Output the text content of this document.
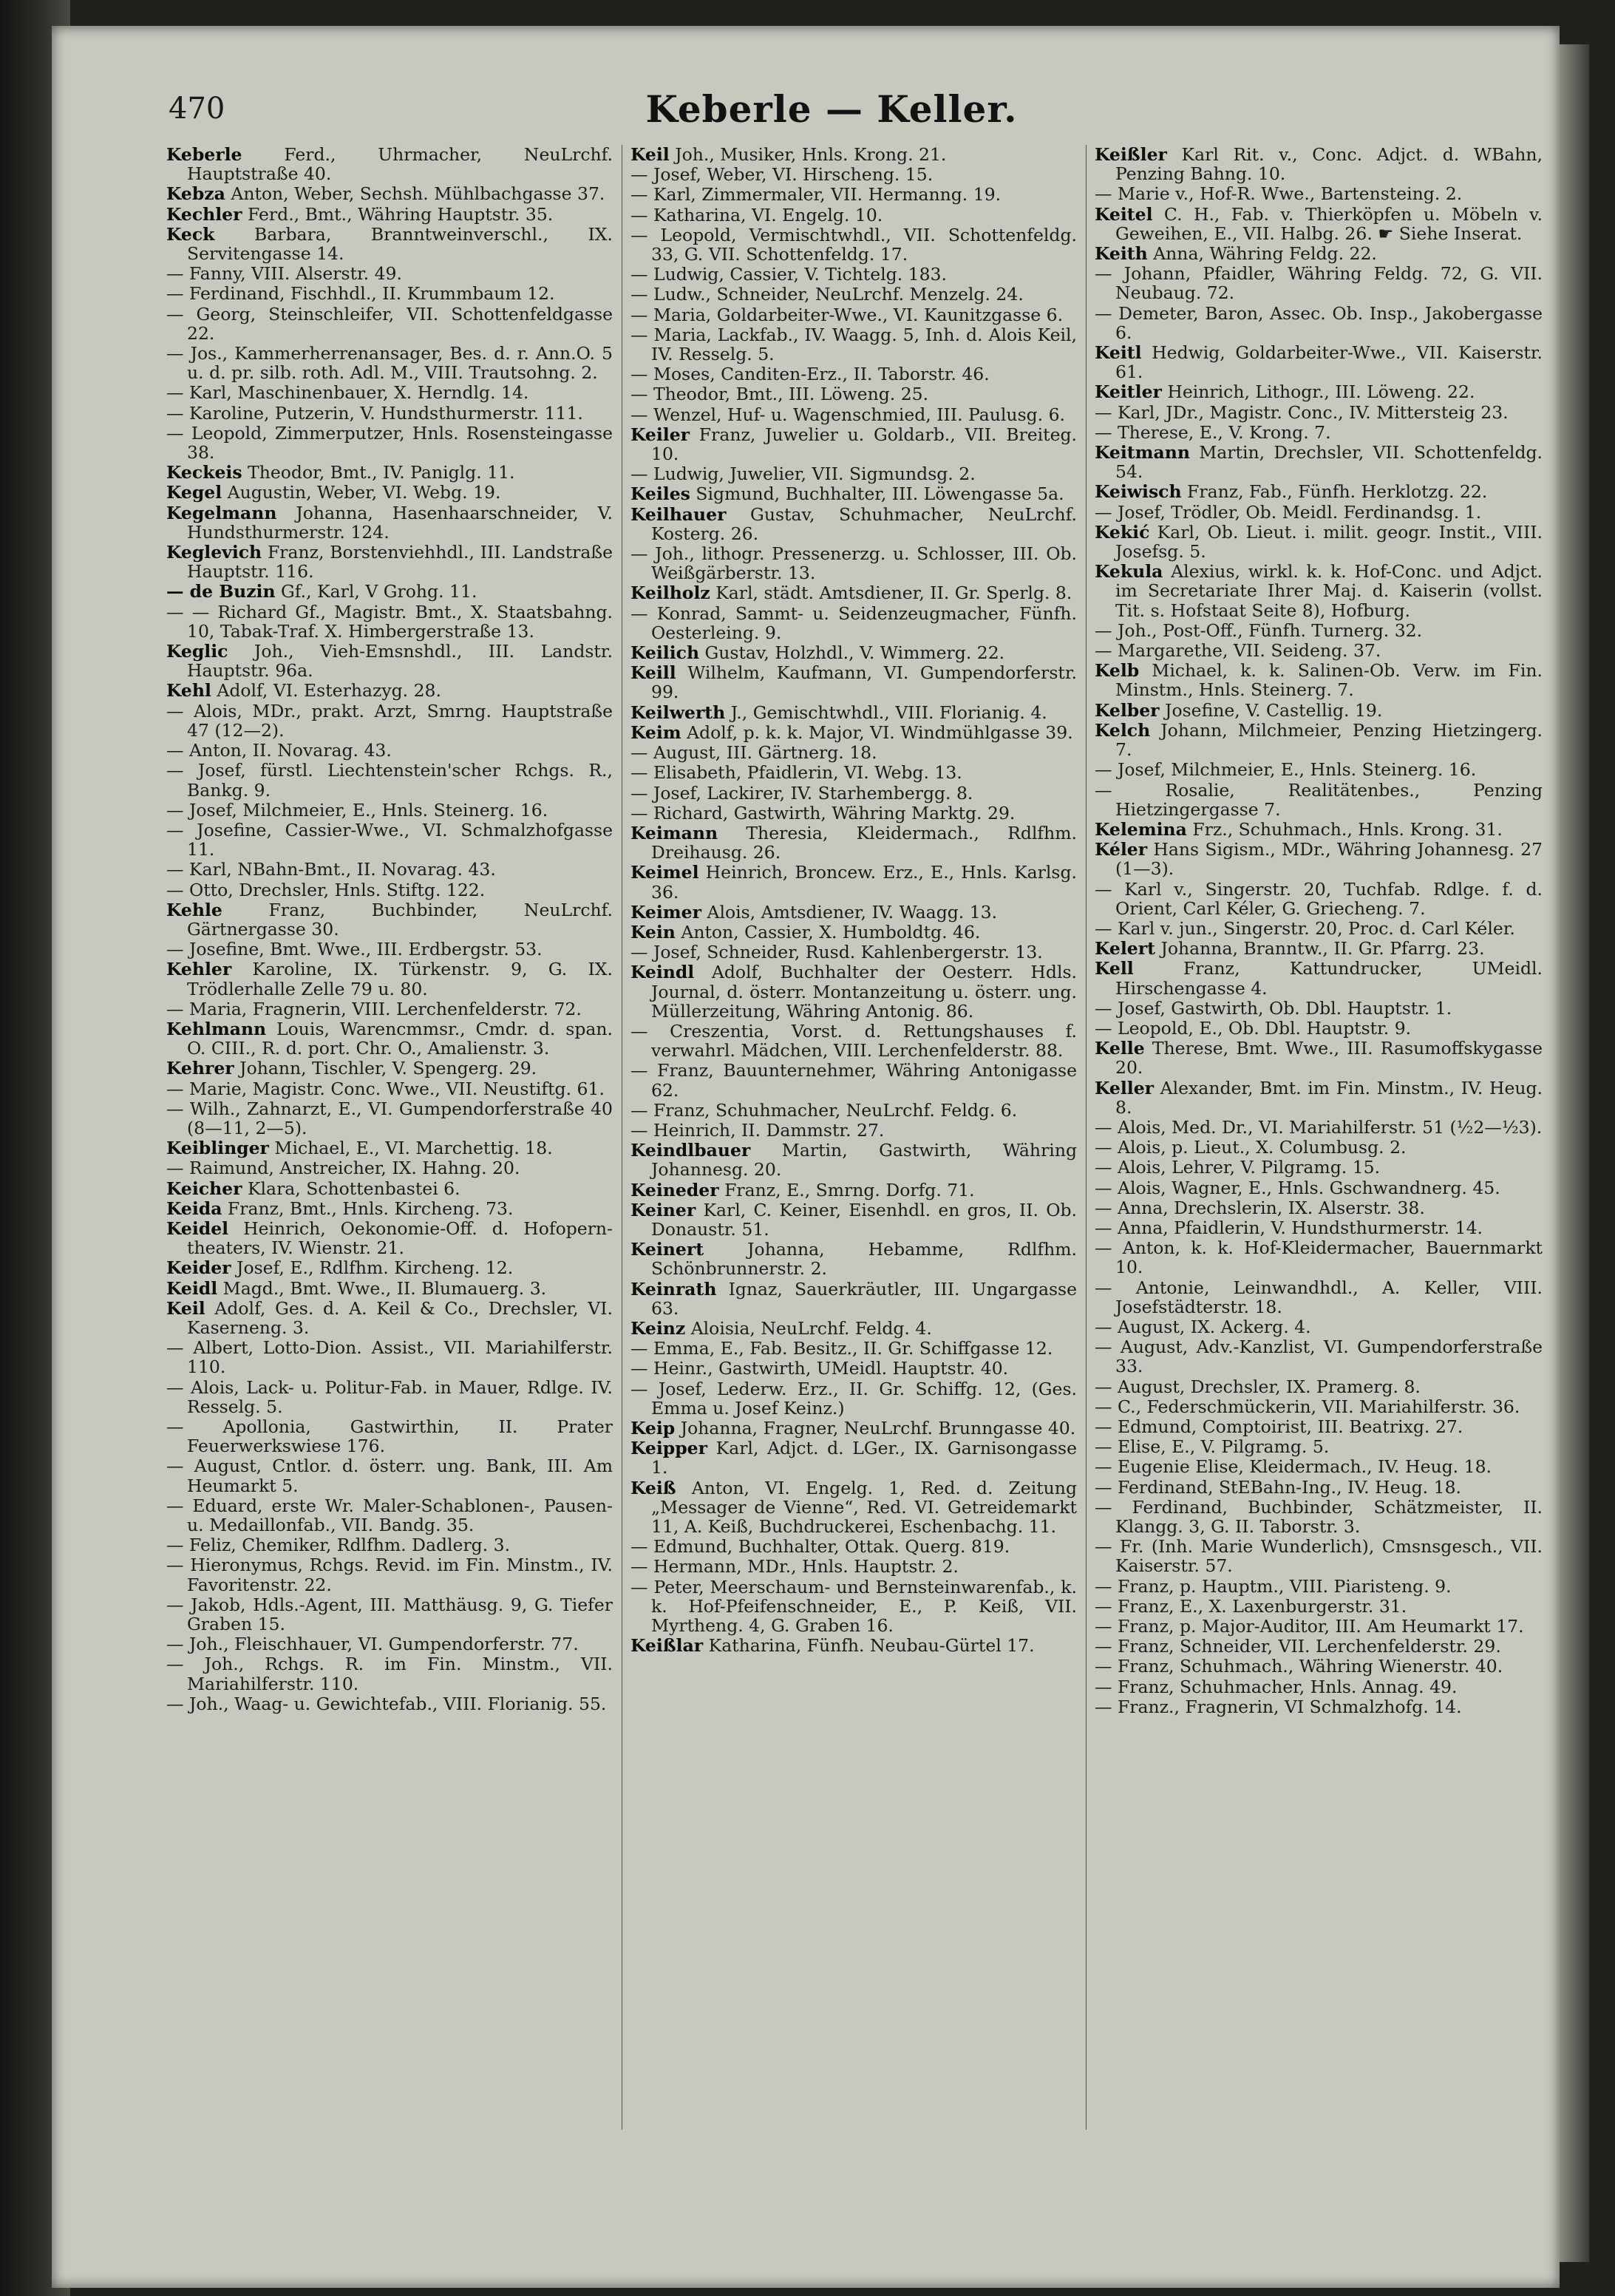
470	Keberle — Keller.
Keberle Ferd., Uhrmacher, NeuLrchf. Hauptstraße 40.
Kebza Anton, Weber, Sechsh. Mühlbachgasse 37.
Kechler Ferd., Bmt., Währing Hauptstr. 35.
Keck Barbara, Branntweinverschl., IX. Servitengasse 14.
— Fanny, VIII. Alserstr. 49.
— Ferdinand, Fischhdl., II. Krummbaum 12.
— Georg, Steinschleifer, VII. Schottenfeldgasse 22.
— Jos., Kammerherrenansager, Bes. d. r. Ann.O. 5 u. d. pr. silb. roth. Adl. M., VIII. Trautsohng. 2.
— Karl, Maschinenbauer, X. Herndlg. 14.
— Karoline, Putzerin, V. Hundsthurmerstr. 111.
— Leopold, Zimmerputzer, Hnls. Rosensteingasse 38.
Keckeis Theodor, Bmt., IV. Paniglg. 11.
Kegel Augustin, Weber, VI. Webg. 19.
Kegelmann Johanna, Hasenhaarschneider, V. Hundsthurmerstr. 124.
Keglevich Franz, Borstenviehhdl., III. Landstraße Hauptstr. 116.
— de Buzin Gf., Karl, V Grohg. 11.
— — Richard Gf., Magistr. Bmt., X. Staatsbahng. 10, Tabak-Traf. X. Himbergerstraße 13.
Keglic Joh., Vieh-Emsnshdl., III. Landstr. Hauptstr. 96a.
Kehl Adolf, VI. Esterhazyg. 28.
— Alois, MDr., prakt. Arzt, Smrng. Hauptstraße 47 (12—2).
— Anton, II. Novarag. 43.
— Josef, fürstl. Liechtenstein'scher Rchgs. R., Bankg. 9.
— Josef, Milchmeier, E., Hnls. Steinerg. 16.
— Josefine, Cassier-Wwe., VI. Schmalzhofgasse 11.
— Karl, NBahn-Bmt., II. Novarag. 43.
— Otto, Drechsler, Hnls. Stiftg. 122.
Kehle Franz, Buchbinder, NeuLrchf. Gärtnergasse 30.
— Josefine, Bmt. Wwe., III. Erdbergstr. 53.
Kehler Karoline, IX. Türkenstr. 9, G. IX. Trödlerhalle Zelle 79 u. 80.
— Maria, Fragnerin, VIII. Lerchenfelderstr. 72.
Kehlmann Louis, Warencmmsr., Cmdr. d. span. O. CIII., R. d. port. Chr. O., Amalienstr. 3.
Kehrer Johann, Tischler, V. Spengerg. 29.
— Marie, Magistr. Conc. Wwe., VII. Neustiftg. 61.
— Wilh., Zahnarzt, E., VI. Gumpendorferstraße 40 (8—11, 2—5).
Keiblinger Michael, E., VI. Marchettig. 18.
— Raimund, Anstreicher, IX. Hahng. 20.
Keicher Klara, Schottenbastei 6.
Keida Franz, Bmt., Hnls. Kircheng. 73.
Keidel Heinrich, Oekonomie-Off. d. Hofopern-theaters, IV. Wienstr. 21.
Keider Josef, E., Rdlfhm. Kircheng. 12.
Keidl Magd., Bmt. Wwe., II. Blumauerg. 3.
Keil Adolf, Ges. d. A. Keil & Co., Drechsler, VI. Kaserneng. 3.
— Albert, Lotto-Dion. Assist., VII. Mariahilferstr. 110.
— Alois, Lack- u. Politur-Fab. in Mauer, Rdlge. IV. Resselg. 5.
— Apollonia, Gastwirthin, II. Prater Feuerwerkswiese 176.
— August, Cntlor. d. österr. ung. Bank, III. Am Heumarkt 5.
— Eduard, erste Wr. Maler-Schablonen-, Pausen- u. Medaillonfab., VII. Bandg. 35.
— Feliz, Chemiker, Rdlfhm. Dadlerg. 3.
— Hieronymus, Rchgs. Revid. im Fin. Minstm., IV. Favoritenstr. 22.
— Jakob, Hdls.-Agent, III. Matthäusg. 9, G. Tiefer Graben 15.
— Joh., Fleischhauer, VI. Gumpendorferstr. 77.
— Joh., Rchgs. R. im Fin. Minstm., VII. Mariahilferstr. 110.
— Joh., Waag- u. Gewichtefab., VIII. Florianig. 55.
Keil Joh., Musiker, Hnls. Krong. 21.
— Josef, Weber, VI. Hirscheng. 15.
— Karl, Zimmermaler, VII. Hermanng. 19.
— Katharina, VI. Engelg. 10.
— Leopold, Vermischtwhdl., VII. Schottenfeldg. 33, G. VII. Schottenfeldg. 17.
— Ludwig, Cassier, V. Tichtelg. 183.
— Ludw., Schneider, NeuLrchf. Menzelg. 24.
— Maria, Goldarbeiter-Wwe., VI. Kaunitzgasse 6.
— Maria, Lackfab., IV. Waagg. 5, Inh. d. Alois Keil, IV. Resselg. 5.
— Moses, Canditen-Erz., II. Taborstr. 46.
— Theodor, Bmt., III. Löweng. 25.
— Wenzel, Huf- u. Wagenschmied, III. Paulusg. 6.
Keiler Franz, Juwelier u. Goldarb., VII. Breiteg. 10.
— Ludwig, Juwelier, VII. Sigmundsg. 2.
Keiles Sigmund, Buchhalter, III. Löwengasse 5a.
Keilhauer Gustav, Schuhmacher, NeuLrchf. Kosterg. 26.
— Joh., lithogr. Pressenerzg. u. Schlosser, III. Ob. Weißgärberstr. 13.
Keilholz Karl, städt. Amtsdiener, II. Gr. Sperlg. 8.
— Konrad, Sammt- u. Seidenzeugmacher, Fünfh. Oesterleing. 9.
Keilich Gustav, Holzhdl., V. Wimmerg. 22.
Keill Wilhelm, Kaufmann, VI. Gumpendorferstr. 99.
Keilwerth J., Gemischtwhdl., VIII. Florianig. 4.
Keim Adolf, p. k. k. Major, VI. Windmühlgasse 39.
— August, III. Gärtnerg. 18.
— Elisabeth, Pfaidlerin, VI. Webg. 13.
— Josef, Lackirer, IV. Starhembergg. 8.
— Richard, Gastwirth, Währing Marktg. 29.
Keimann Theresia, Kleidermach., Rdlfhm. Dreihausg. 26.
Keimel Heinrich, Broncew. Erz., E., Hnls. Karlsg. 36.
Keimer Alois, Amtsdiener, IV. Waagg. 13.
Kein Anton, Cassier, X. Humboldtg. 46.
— Josef, Schneider, Rusd. Kahlenbergerstr. 13.
Keindl Adolf, Buchhalter der Oesterr. Hdls. Journal, d. österr. Montanzeitung u. österr. ung. Müllerzeitung, Währing Antonig. 86.
— Creszentia, Vorst. d. Rettungshauses f. verwahrl. Mädchen, VIII. Lerchenfelderstr. 88.
— Franz, Bauunternehmer, Währing Antonigasse 62.
— Franz, Schuhmacher, NeuLrchf. Feldg. 6.
— Heinrich, II. Dammstr. 27.
Keindlbauer Martin, Gastwirth, Währing Johannesg. 20.
Keineder Franz, E., Smrng. Dorfg. 71.
Keiner Karl, C. Keiner, Eisenhdl. en gros, II. Ob. Donaustr. 51.
Keinert Johanna, Hebamme, Rdlfhm. Schönbrunnerstr. 2.
Keinrath Ignaz, Sauerkräutler, III. Ungargasse 63.
Keinz Aloisia, NeuLrchf. Feldg. 4.
— Emma, E., Fab. Besitz., II. Gr. Schiffgasse 12.
— Heinr., Gastwirth, UMeidl. Hauptstr. 40.
— Josef, Lederw. Erz., II. Gr. Schiffg. 12, (Ges. Emma u. Josef Keinz.)
Keip Johanna, Fragner, NeuLrchf. Brunngasse 40.
Keipper Karl, Adjct. d. LGer., IX. Garnisongasse 1.
Keiß Anton, VI. Engelg. 1, Red. d. Zeitung „Messager de Vienne“, Red. VI. Getreidemarkt 11, A. Keiß, Buchdruckerei, Eschenbachg. 11.
— Edmund, Buchhalter, Ottak. Querg. 819.
— Hermann, MDr., Hnls. Hauptstr. 2.
— Peter, Meerschaum- und Bernsteinwarenfab., k. k. Hof-Pfeifenschneider, E., P. Keiß, VII. Myrtheng. 4, G. Graben 16.
Keißlar Katharina, Fünfh. Neubau-Gürtel 17.
Keißler Karl Rit. v., Conc. Adjct. d. WBahn, Penzing Bahng. 10.
— Marie v., Hof-R. Wwe., Bartensteing. 2.
Keitel C. H., Fab. v. Thierköpfen u. Möbeln v. Geweihen, E., VII. Halbg. 26. ☛ Siehe Inserat.
Keith Anna, Währing Feldg. 22.
— Johann, Pfaidler, Währing Feldg. 72, G. VII. Neubaug. 72.
— Demeter, Baron, Assec. Ob. Insp., Jakobergasse 6.
Keitl Hedwig, Goldarbeiter-Wwe., VII. Kaiserstr. 61.
Keitler Heinrich, Lithogr., III. Löweng. 22.
— Karl, JDr., Magistr. Conc., IV. Mittersteig 23.
— Therese, E., V. Krong. 7.
Keitmann Martin, Drechsler, VII. Schottenfeldg. 54.
Keiwisch Franz, Fab., Fünfh. Herklotzg. 22.
— Josef, Trödler, Ob. Meidl. Ferdinandsg. 1.
Kekić Karl, Ob. Lieut. i. milit. geogr. Instit., VIII. Josefsg. 5.
Kekula Alexius, wirkl. k. k. Hof-Conc. und Adjct. im Secretariate Ihrer Maj. d. Kaiserin (vollst. Tit. s. Hofstaat Seite 8), Hofburg.
— Joh., Post-Off., Fünfh. Turnerg. 32.
— Margarethe, VII. Seideng. 37.
Kelb Michael, k. k. Salinen-Ob. Verw. im Fin. Minstm., Hnls. Steinerg. 7.
Kelber Josefine, V. Castellig. 19.
Kelch Johann, Milchmeier, Penzing Hietzingerg. 7.
— Josef, Milchmeier, E., Hnls. Steinerg. 16.
— Rosalie, Realitätenbes., Penzing Hietzingergasse 7.
Kelemina Frz., Schuhmach., Hnls. Krong. 31.
Kéler Hans Sigism., MDr., Währing Johannesg. 27 (1—3).
— Karl v., Singerstr. 20, Tuchfab. Rdlge. f. d. Orient, Carl Kéler, G. Griecheng. 7.
— Karl v. jun., Singerstr. 20, Proc. d. Carl Kéler.
Kelert Johanna, Branntw., II. Gr. Pfarrg. 23.
Kell Franz, Kattundrucker, UMeidl. Hirschengasse 4.
— Josef, Gastwirth, Ob. Dbl. Hauptstr. 1.
— Leopold, E., Ob. Dbl. Hauptstr. 9.
Kelle Therese, Bmt. Wwe., III. Rasumoffskygasse 20.
Keller Alexander, Bmt. im Fin. Minstm., IV. Heug. 8.
— Alois, Med. Dr., VI. Mariahilferstr. 51 (½2—½3).
— Alois, p. Lieut., X. Columbusg. 2.
— Alois, Lehrer, V. Pilgramg. 15.
— Alois, Wagner, E., Hnls. Gschwandnerg. 45.
— Anna, Drechslerin, IX. Alserstr. 38.
— Anna, Pfaidlerin, V. Hundsthurmerstr. 14.
— Anton, k. k. Hof-Kleidermacher, Bauernmarkt 10.
— Antonie, Leinwandhdl., A. Keller, VIII. Josefstädterstr. 18.
— August, IX. Ackerg. 4.
— August, Adv.-Kanzlist, VI. Gumpendorferstraße 33.
— August, Drechsler, IX. Pramerg. 8.
— C., Federschmückerin, VII. Mariahilferstr. 36.
— Edmund, Comptoirist, III. Beatrixg. 27.
— Elise, E., V. Pilgramg. 5.
— Eugenie Elise, Kleidermach., IV. Heug. 18.
— Ferdinand, StEBahn-Ing., IV. Heug. 18.
— Ferdinand, Buchbinder, Schätzmeister, II. Klangg. 3, G. II. Taborstr. 3.
— Fr. (Inh. Marie Wunderlich), Cmsnsgesch., VII. Kaiserstr. 57.
— Franz, p. Hauptm., VIII. Piaristeng. 9.
— Franz, E., X. Laxenburgerstr. 31.
— Franz, p. Major-Auditor, III. Am Heumarkt 17.
— Franz, Schneider, VII. Lerchenfelderstr. 29.
— Franz, Schuhmach., Währing Wienerstr. 40.
— Franz, Schuhmacher, Hnls. Annag. 49.
— Franz., Fragnerin, VI Schmalzhofg. 14.
